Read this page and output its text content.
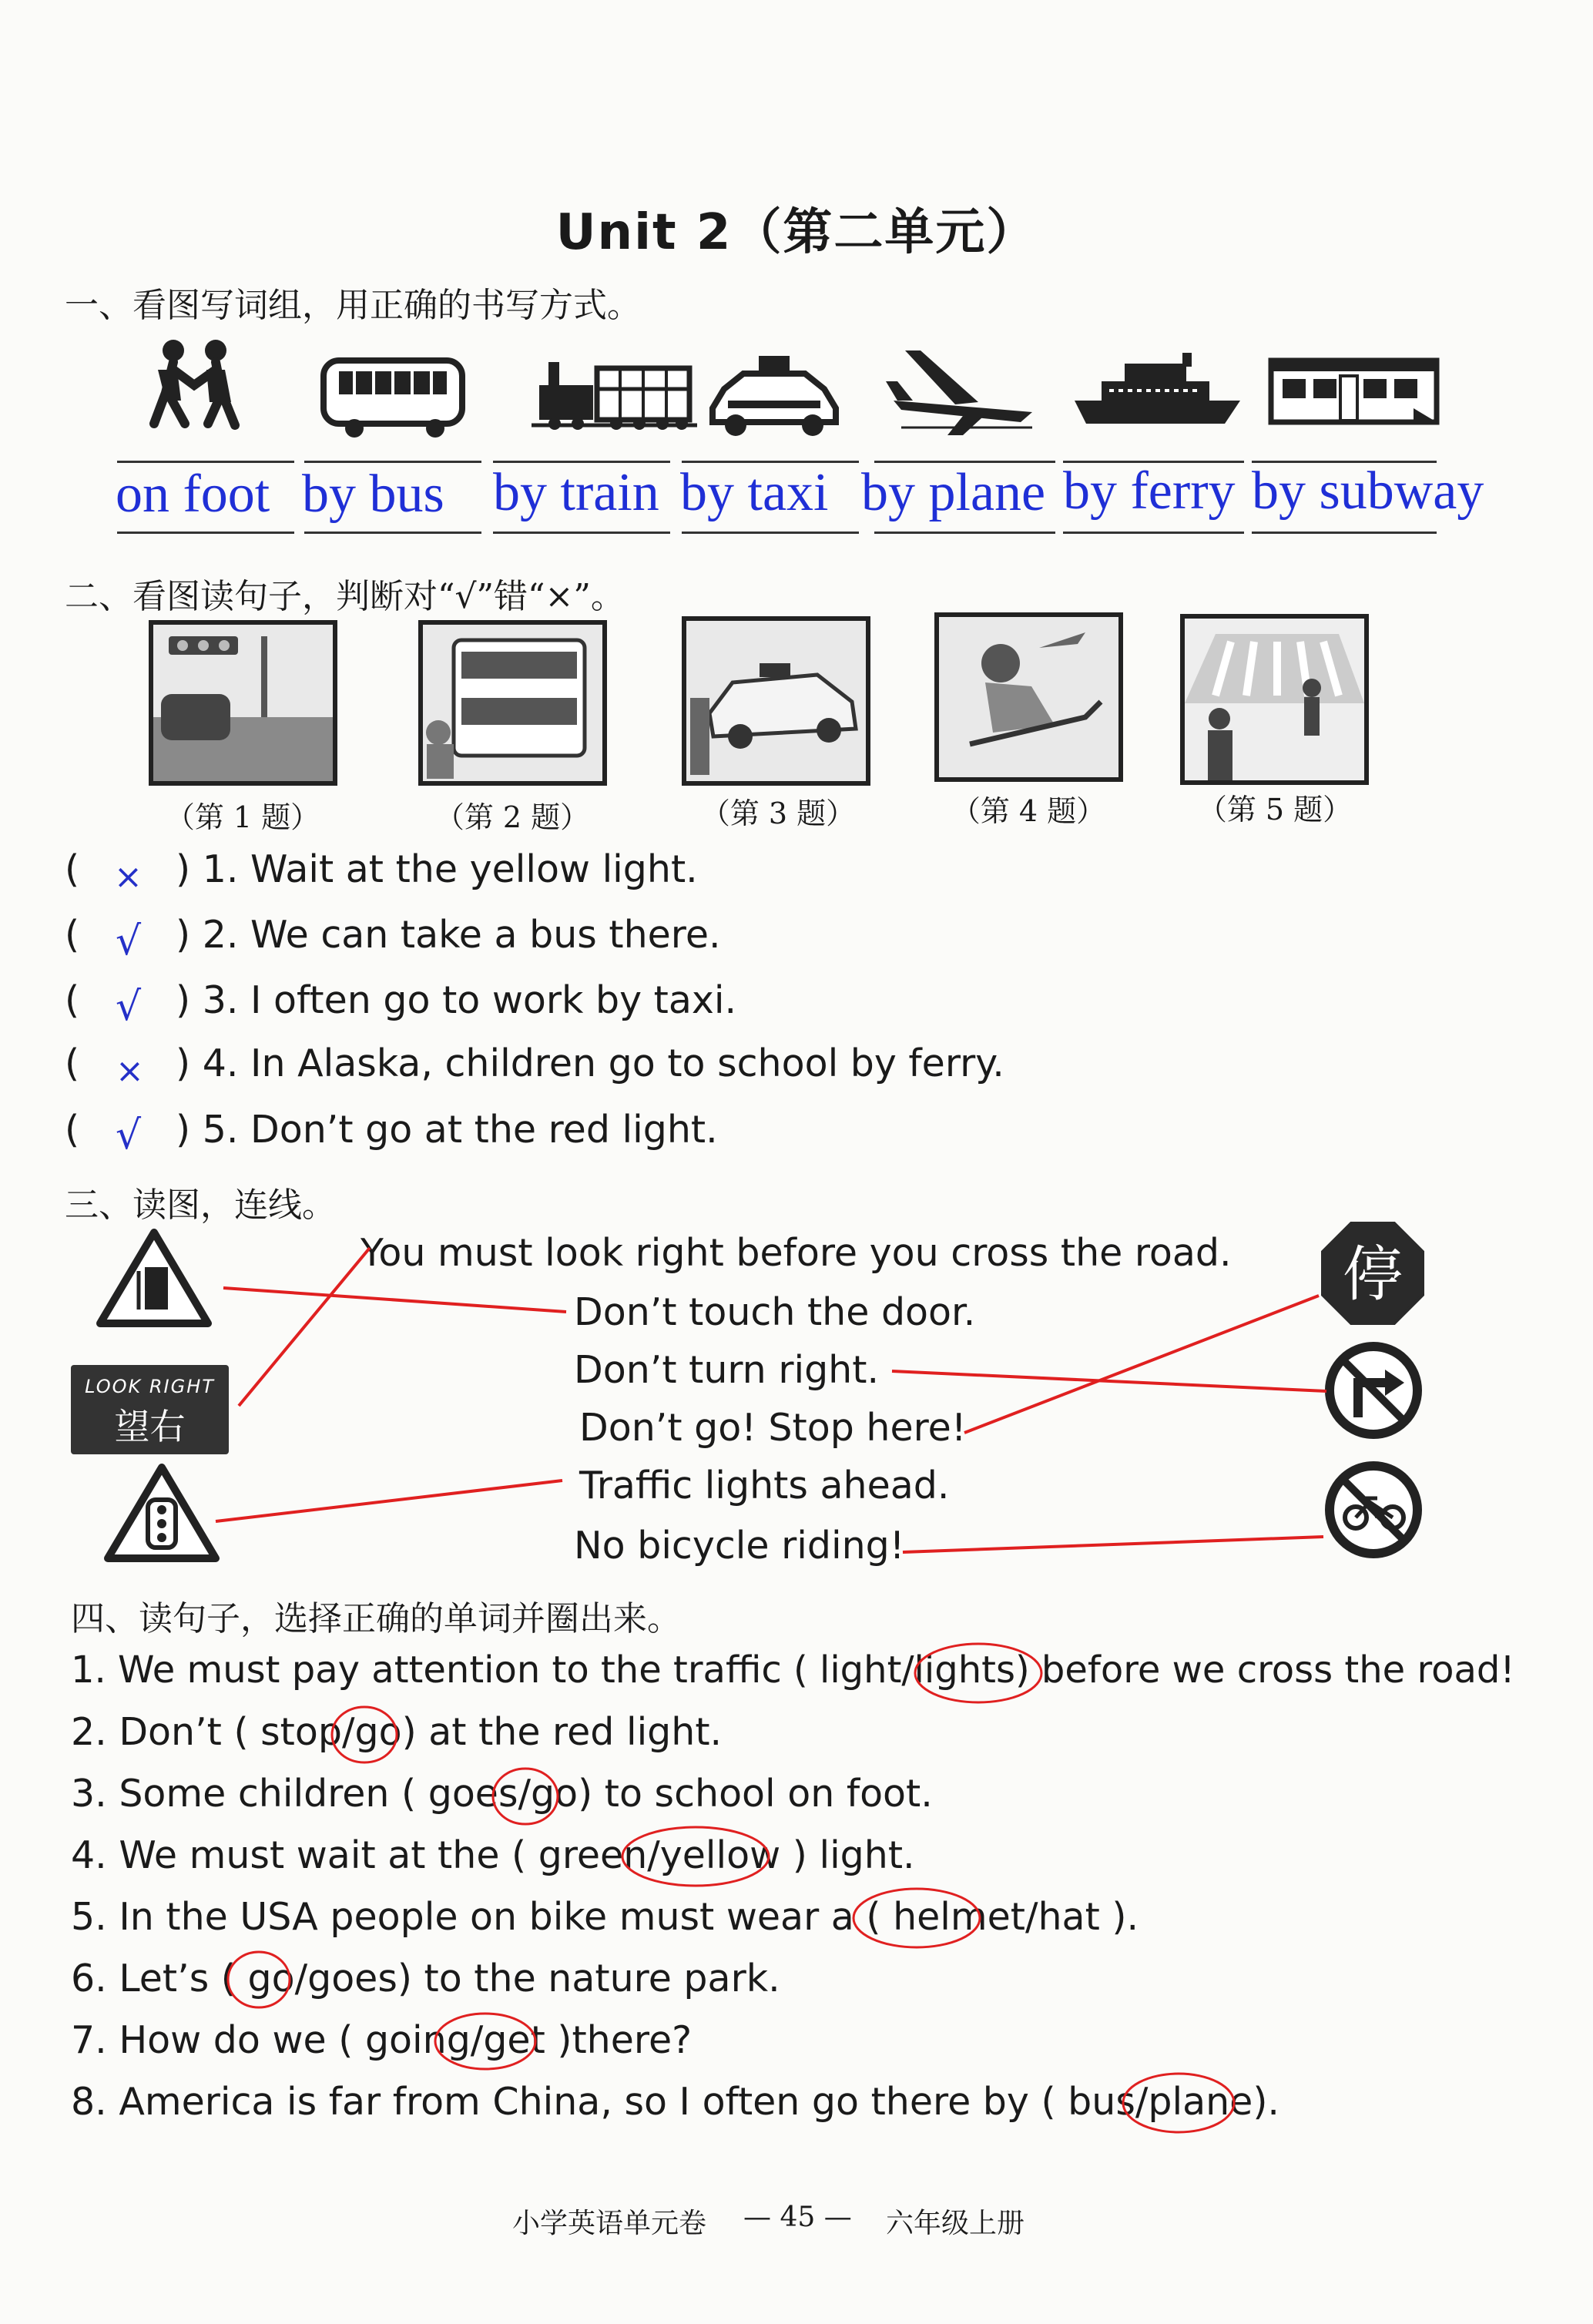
Unit 2（第二单元）
一、看图写词组，用正确的书写方式。
on foot by bus by train by taxi by plane by ferry by subway
二、看图读句子，判断对“√”错“×”。
（第 1 题）	（第 2 题）	（第 3 题）	（第 4 题）	（第 5 题）
( × ) 1. Wait at the yellow light.
( √ ) 2. We can take a bus there.
( √ ) 3. I often go to work by taxi.
( × ) 4. In Alaska, children go to school by ferry.
( √ ) 5. Don’t go at the red light.
三、读图，连线。
LOOK RIGHT
望右
停
You must look right before you cross the road.
Don’t touch the door.
Don’t turn right.
Don’t go! Stop here!
Traffic lights ahead.
No bicycle riding!
四、读句子，选择正确的单词并圈出来。
1. We must pay attention to the traffic ( light/lights) before we cross the road!
2. Don’t ( stop/go) at the red light.
3. Some children ( goes/go) to school on foot.
4. We must wait at the ( green/yellow ) light.
5. In the USA people on bike must wear a ( helmet/hat ).
6. Let’s ( go/goes) to the nature park.
7. How do we ( going/get )there?
8. America is far from China, so I often go there by ( bus/plane).
小学英语单元卷 — 45 — 六年级上册
